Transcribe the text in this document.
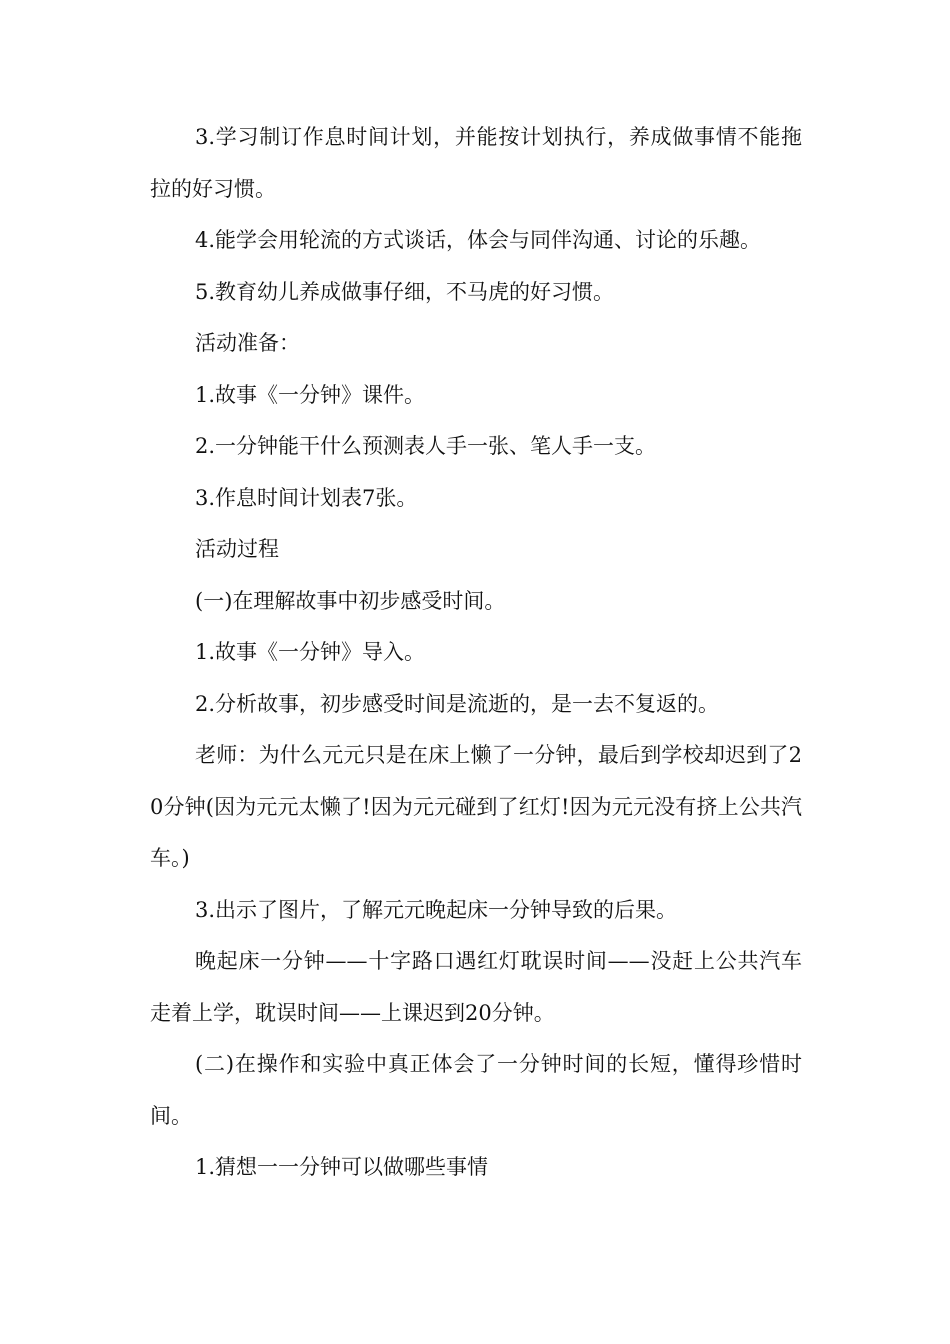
3.学习制订作息时间计划，并能按计划执行，养成做事情不能拖拉的好习惯。

4.能学会用轮流的方式谈话，体会与同伴沟通、讨论的乐趣。

5.教育幼儿养成做事仔细，不马虎的好习惯。

活动准备：

1.故事《一分钟》课件。

2.一分钟能干什么预测表人手一张、笔人手一支。

3.作息时间计划表7张。

活动过程

(一)在理解故事中初步感受时间。

1.故事《一分钟》导入。

2.分析故事，初步感受时间是流逝的，是一去不复返的。

老师：为什么元元只是在床上懒了一分钟，最后到学校却迟到了20分钟(因为元元太懒了!因为元元碰到了红灯!因为元元没有挤上公共汽车。)

3.出示了图片，了解元元晚起床一分钟导致的后果。

晚起床一分钟——十字路口遇红灯耽误时间——没赶上公共汽车走着上学，耽误时间——上课迟到20分钟。

(二)在操作和实验中真正体会了一分钟时间的长短，懂得珍惜时间。

1.猜想一一分钟可以做哪些事情
